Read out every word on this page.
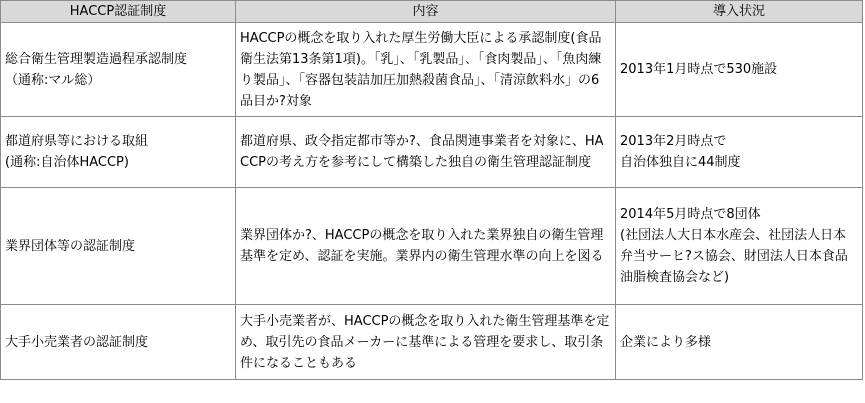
HACCP認証制度	内容	導入状況
総合衛生管理製造過程承認制度
（通称:マル総）	HACCPの概念を取り入れた厚生労働大臣による承認制度(食品衛生法第13条第1項)。「乳」、「乳製品」、「食肉製品」、「魚肉練り製品」、「容器包装詰加圧加熱殺菌食品」、「清涼飲料水」の6品目か?対象	2013年1月時点で530施設
都道府県等における取組
(通称:自治体HACCP)	都道府県、政令指定都市等か?、食品関連事業者を対象に、HACCPの考え方を参考にして構築した独自の衛生管理認証制度	2013年2月時点で
自治体独自に44制度
業界団体等の認証制度	業界団体か?、HACCPの概念を取り入れた業界独自の衛生管理基準を定め、認証を実施。業界内の衛生管理水準の向上を図る	2014年5月時点で8団体
(社団法人大日本水産会、社団法人日本弁当サーヒ?ス協会、財団法人日本食品油脂検査協会など)
大手小売業者の認証制度	大手小売業者が、HACCPの概念を取り入れた衛生管理基準を定め、取引先の食品メーカーに基準による管理を要求し、取引条件になることもある	企業により多様
